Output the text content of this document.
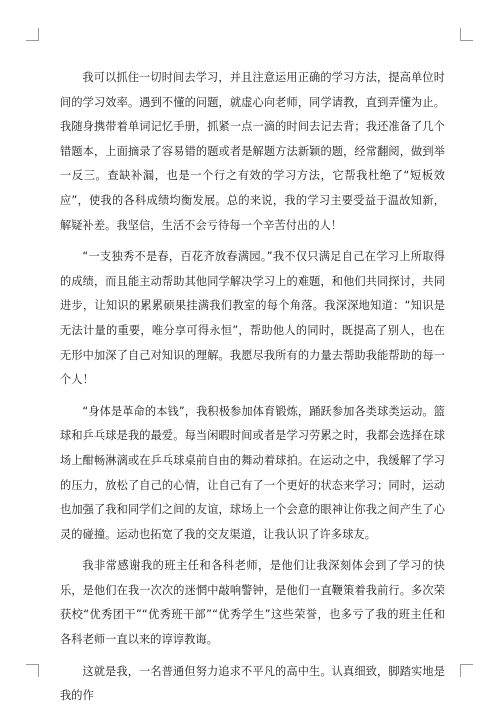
我可以抓住一切时间去学习，并且注意运用正确的学习方法，提高单位时间的学习效率。遇到不懂的问题，就虚心向老师，同学请教，直到弄懂为止。我随身携带着单词记忆手册，抓紧一点一滴的时间去记去背；我还准备了几个错题本，上面摘录了容易错的题或者是解题方法新颖的题，经常翻阅，做到举一反三。查缺补漏，也是一个行之有效的学习方法，它帮我杜绝了“短板效应”，使我的各科成绩均衡发展。总的来说，我的学习主要受益于温故知新，解疑补差。我坚信，生活不会亏待每一个辛苦付出的人！

“一支独秀不是春，百花齐放春满园。”我不仅只满足自己在学习上所取得的成绩，而且能主动帮助其他同学解决学习上的难题，和他们共同探讨，共同进步，让知识的累累硕果挂满我们教室的每个角落。我深深地知道：“知识是无法计量的重要，唯分享可得永恒”，帮助他人的同时，既提高了别人，也在无形中加深了自己对知识的理解。我愿尽我所有的力量去帮助我能帮助的每一个人！

“身体是革命的本钱”，我积极参加体育锻炼，踊跃参加各类球类运动。篮球和乒乓球是我的最爱。每当闲暇时间或者是学习劳累之时，我都会选择在球场上酣畅淋漓或在乒乓球桌前自由的舞动着球拍。在运动之中，我缓解了学习的压力，放松了自己的心情，让自己有了一个更好的状态来学习；同时，运动也加强了我和同学们之间的友谊，球场上一个会意的眼神让你我之间产生了心灵的碰撞。运动也拓宽了我的交友渠道，让我认识了许多球友。

我非常感谢我的班主任和各科老师，是他们让我深刻体会到了学习的快乐，是他们在我一次次的迷惘中敲响警钟，是他们一直鞭策着我前行。多次荣获校“优秀团干”“优秀班干部”“优秀学生”这些荣誉，也多亏了我的班主任和各科老师一直以来的谆谆教诲。

这就是我，一名普通但努力追求不平凡的高中生。认真细致，脚踏实地是我的作
